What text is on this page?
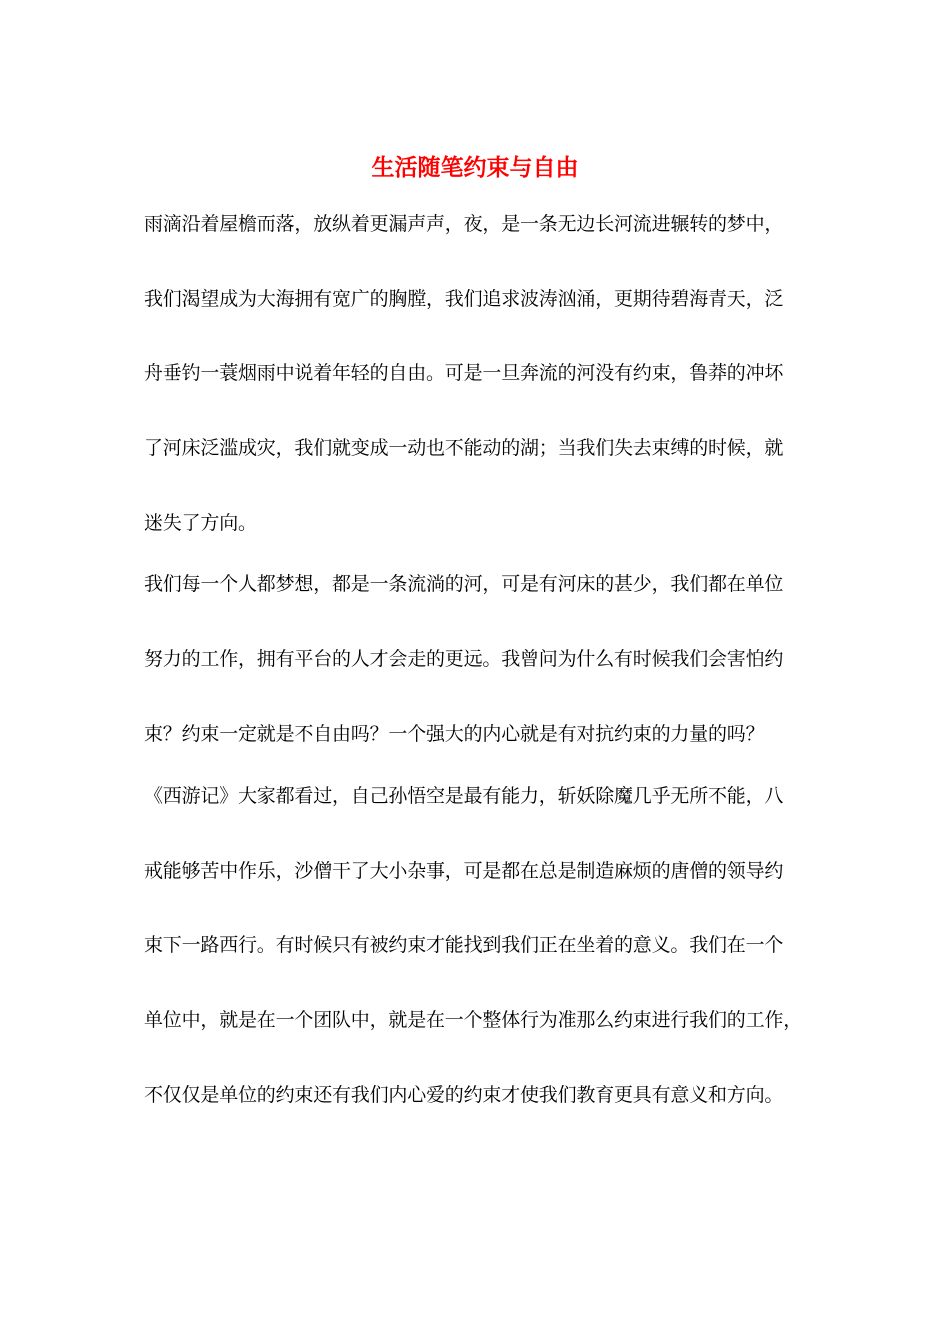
生活随笔约束与自由
雨滴沿着屋檐而落，放纵着更漏声声，夜，是一条无边长河流进辗转的梦中，
我们渴望成为大海拥有宽广的胸膛，我们追求波涛汹涌，更期待碧海青天，泛
舟垂钓一蓑烟雨中说着年轻的自由。可是一旦奔流的河没有约束，鲁莽的冲坏
了河床泛滥成灾，我们就变成一动也不能动的湖；当我们失去束缚的时候，就
迷失了方向。
我们每一个人都梦想，都是一条流淌的河，可是有河床的甚少，我们都在单位
努力的工作，拥有平台的人才会走的更远。我曾问为什么有时候我们会害怕约
束？约束一定就是不自由吗？一个强大的内心就是有对抗约束的力量的吗？
《西游记》大家都看过，自己孙悟空是最有能力，斩妖除魔几乎无所不能，八
戒能够苦中作乐，沙僧干了大小杂事，可是都在总是制造麻烦的唐僧的领导约
束下一路西行。有时候只有被约束才能找到我们正在坐着的意义。我们在一个
单位中，就是在一个团队中，就是在一个整体行为准那么约束进行我们的工作，
不仅仅是单位的约束还有我们内心爱的约束才使我们教育更具有意义和方向。
